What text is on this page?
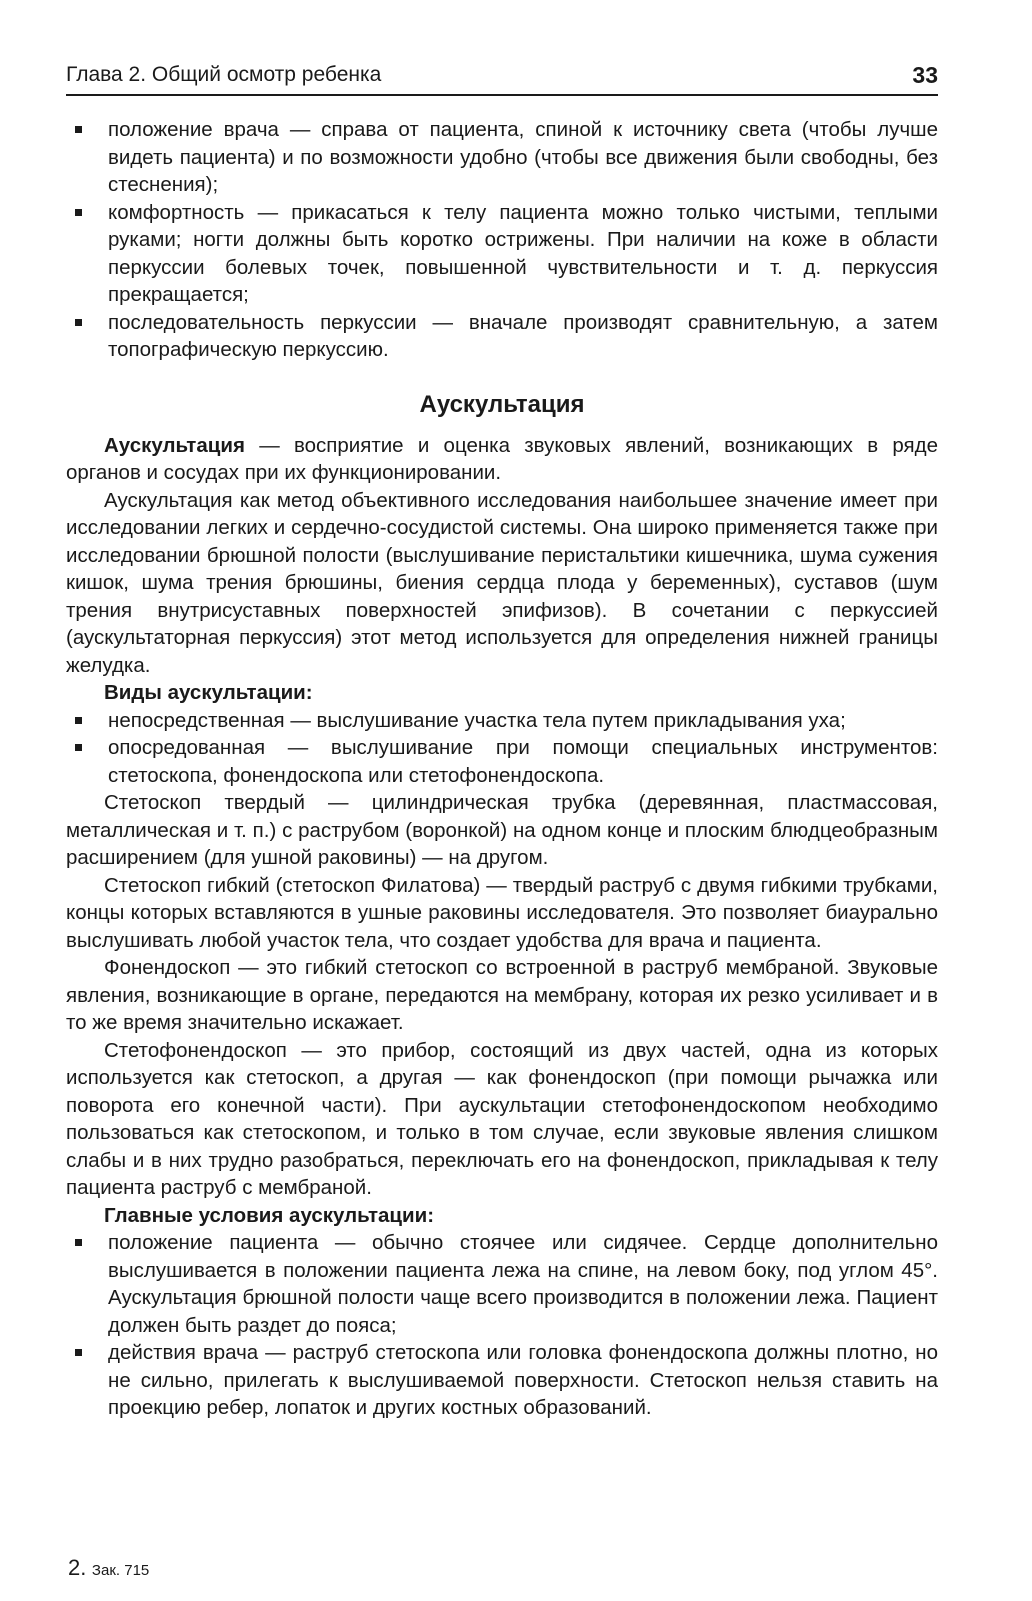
Глава 2. Общий осмотр ребенка	33
положение врача — справа от пациента, спиной к источнику света (чтобы лучше видеть пациента) и по возможности удобно (чтобы все движения были свободны, без стеснения);
комфортность — прикасаться к телу пациента можно только чистыми, теплыми руками; ногти должны быть коротко острижены. При наличии на коже в области перкуссии болевых точек, повышенной чувствительности и т. д. перкуссия прекращается;
последовательность перкуссии — вначале производят сравнительную, а затем топографическую перкуссию.
Аускультация

Аускультация — восприятие и оценка звуковых явлений, возникающих в ряде органов и сосудах при их функционировании.

Аускультация как метод объективного исследования наибольшее значение имеет при исследовании легких и сердечно-сосудистой системы. Она широко применяется также при исследовании брюшной полости (выслушивание перистальтики кишечника, шума сужения кишок, шума трения брюшины, биения сердца плода у беременных), суставов (шум трения внутрисуставных поверхностей эпифизов). В сочетании с перкуссией (аускультаторная перкуссия) этот метод используется для определения нижней границы желудка.

Виды аускультации:
непосредственная — выслушивание участка тела путем прикладывания уха;
опосредованная — выслушивание при помощи специальных инструментов: стетоскопа, фонендоскопа или стетофонендоскопа.

Стетоскоп твердый — цилиндрическая трубка (деревянная, пластмассовая, металлическая и т. п.) с раструбом (воронкой) на одном конце и плоским блюдцеобразным расширением (для ушной раковины) — на другом.

Стетоскоп гибкий (стетоскоп Филатова) — твердый раструб с двумя гибкими трубками, концы которых вставляются в ушные раковины исследователя. Это позволяет биаурально выслушивать любой участок тела, что создает удобства для врача и пациента.

Фонендоскоп — это гибкий стетоскоп со встроенной в раструб мембраной. Звуковые явления, возникающие в органе, передаются на мембрану, которая их резко усиливает и в то же время значительно искажает.

Стетофонендоскоп — это прибор, состоящий из двух частей, одна из которых используется как стетоскоп, а другая — как фонендоскоп (при помощи рычажка или поворота его конечной части). При аускультации стетофонендоскопом необходимо пользоваться как стетоскопом, и только в том случае, если звуковые явления слишком слабы и в них трудно разобраться, переключать его на фонендоскоп, прикладывая к телу пациента раструб с мембраной.

Главные условия аускультации:
положение пациента — обычно стоячее или сидячее. Сердце дополнительно выслушивается в положении пациента лежа на спине, на левом боку, под углом 45°. Аускультация брюшной полости чаще всего производится в положении лежа. Пациент должен быть раздет до пояса;
действия врача — раструб стетоскопа или головка фонендоскопа должны плотно, но не сильно, прилегать к выслушиваемой поверхности. Стетоскоп нельзя ставить на проекцию ребер, лопаток и других костных образований.
2. Зак. 715
